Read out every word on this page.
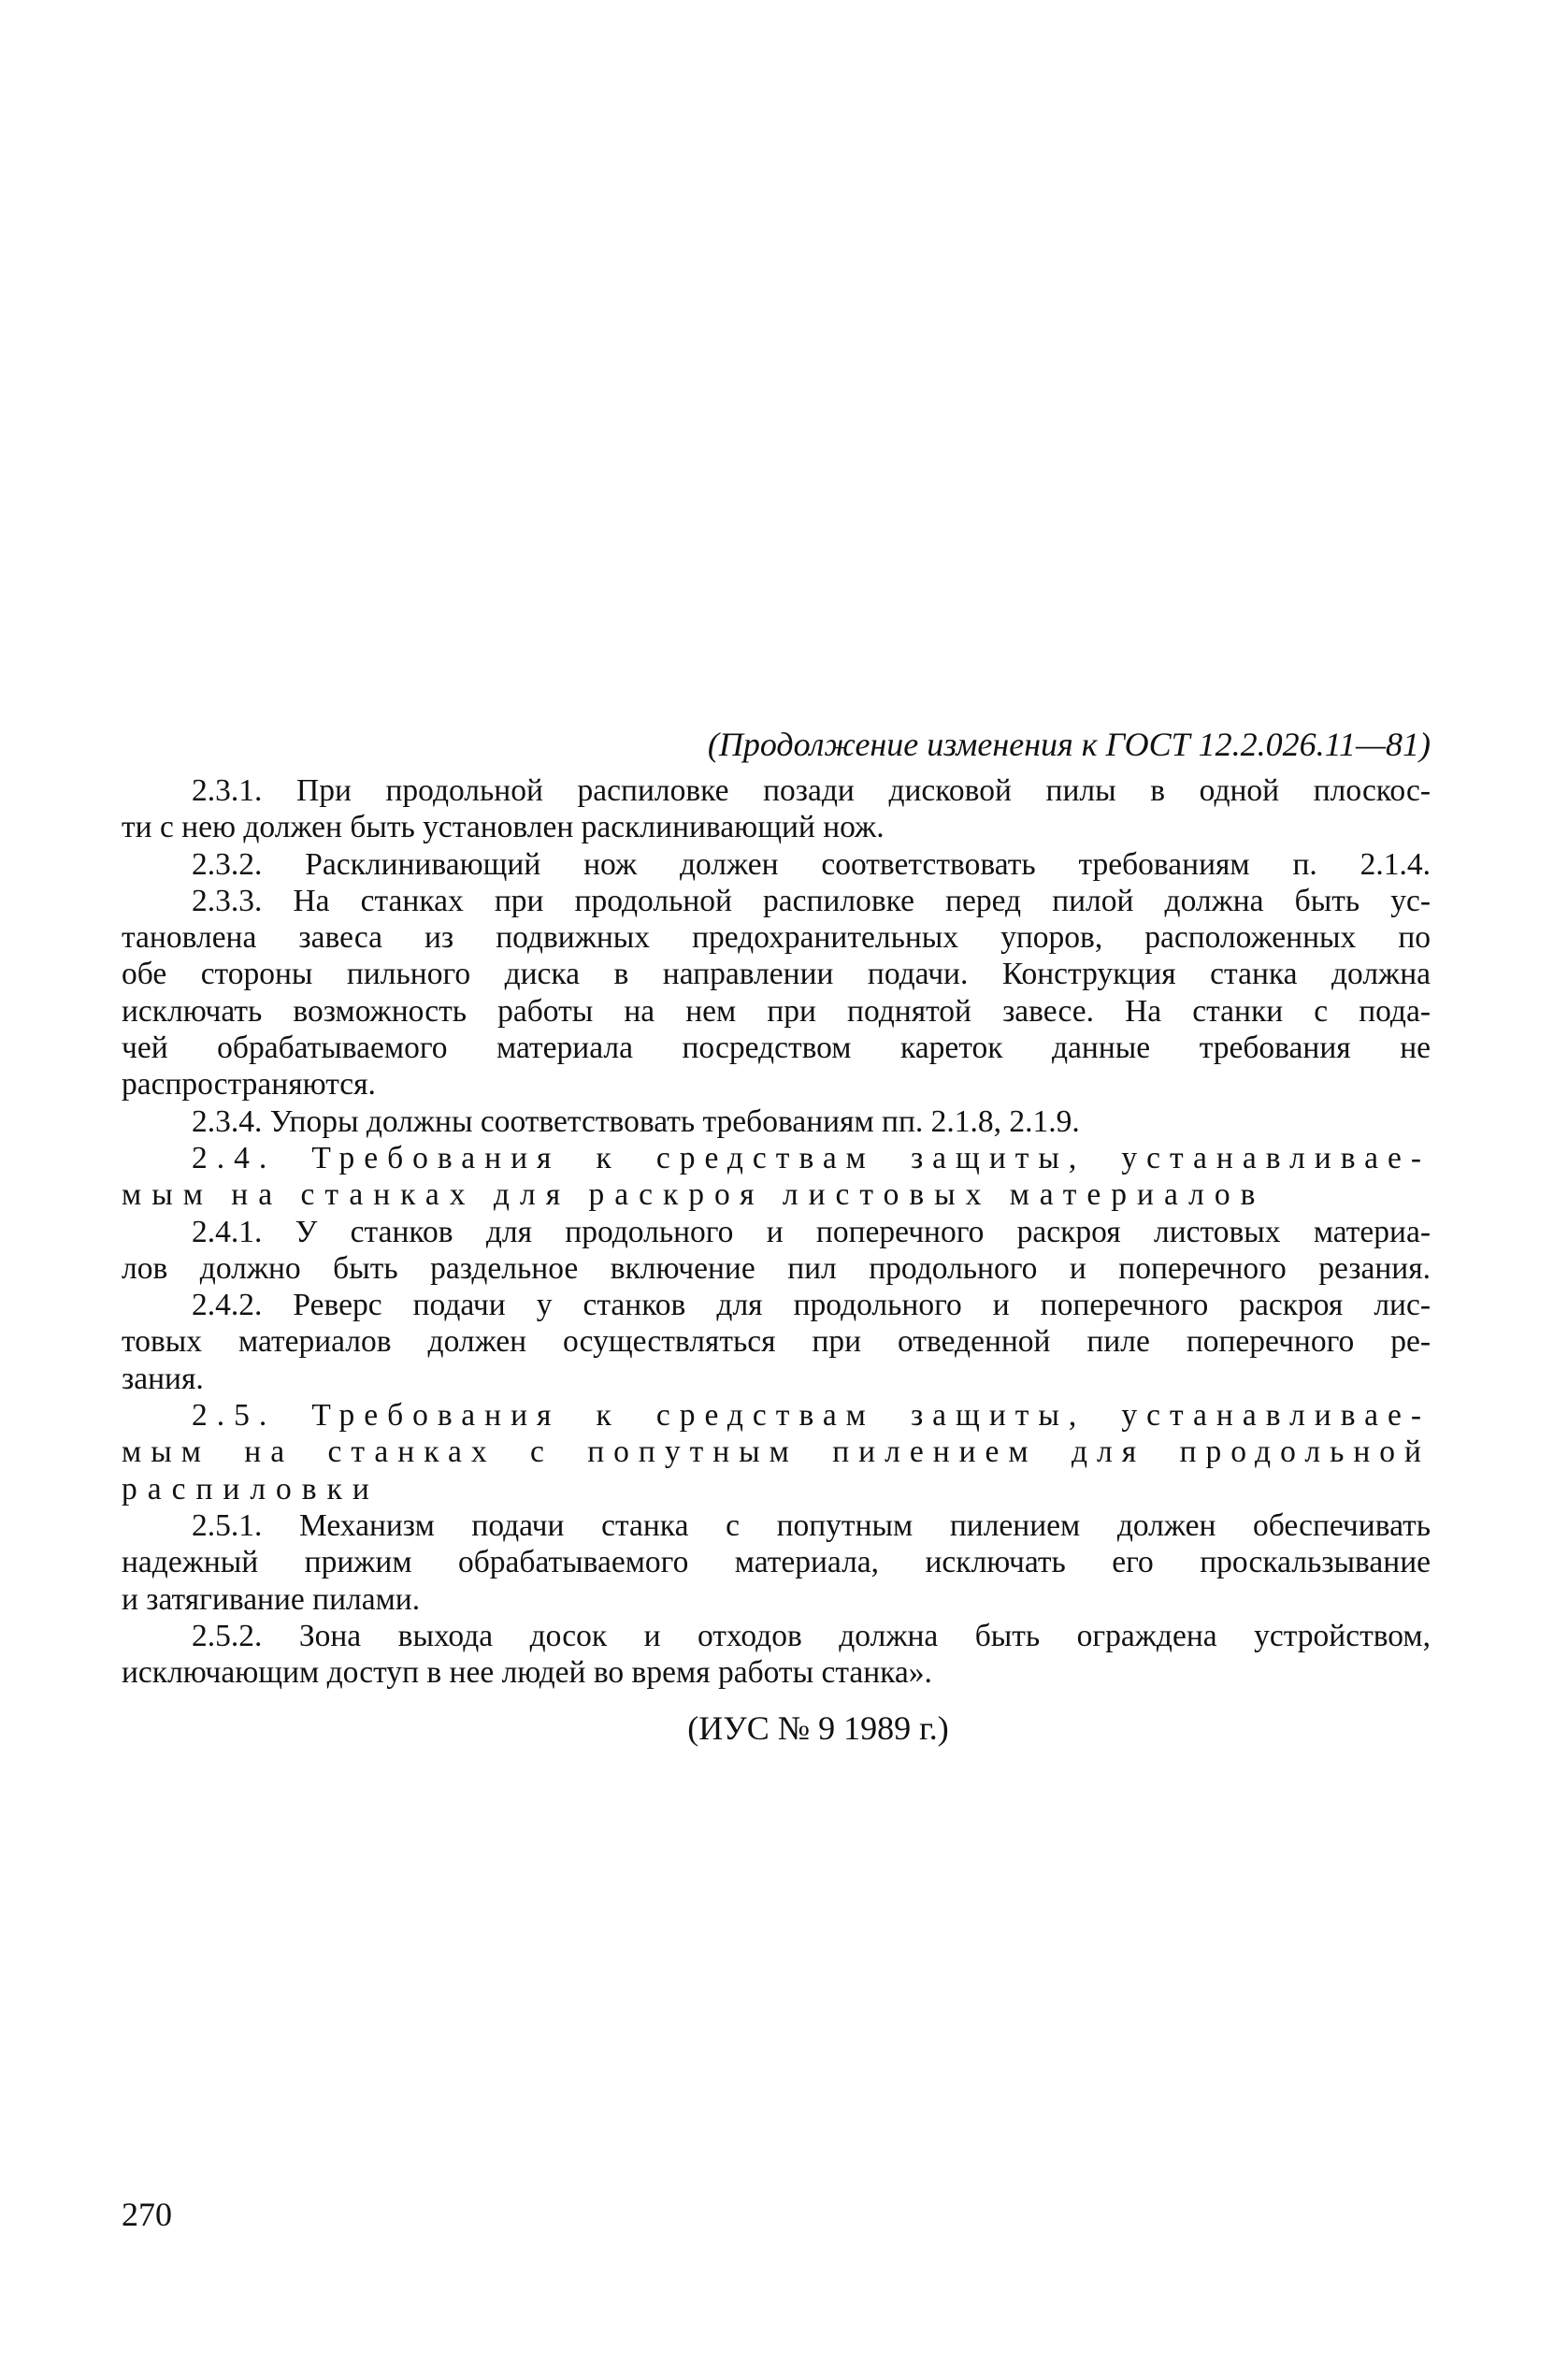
(Продолжение изменения к ГОСТ 12.2.026.11—81)
2.3.1. При продольной распиловке позади дисковой пилы в одной плоскос-
ти с нею должен быть установлен расклинивающий нож.
2.3.2. Расклинивающий нож должен соответствовать требованиям п. 2.1.4.
2.3.3. На станках при продольной распиловке перед пилой должна быть ус-
тановлена завеса из подвижных предохранительных упоров, расположенных по
обе стороны пильного диска в направлении подачи. Конструкция станка должна
исключать возможность работы на нем при поднятой завесе. На станки с пода-
чей обрабатываемого материала посредством кареток данные требования не
распространяются.
2.3.4. Упоры должны соответствовать требованиям пп. 2.1.8, 2.1.9.
2.4. Требования к средствам защиты, устанавливае-
мым на станках для раскроя листовых материалов
2.4.1. У станков для продольного и поперечного раскроя листовых материа-
лов должно быть раздельное включение пил продольного и поперечного резания.
2.4.2. Реверс подачи у станков для продольного и поперечного раскроя лис-
товых материалов должен осуществляться при отведенной пиле поперечного ре-
зания.
2.5. Требования к средствам защиты, устанавливае-
мым на станках с попутным пилением для продольной
распиловки
2.5.1. Механизм подачи станка с попутным пилением должен обеспечивать
надежный прижим обрабатываемого материала, исключать его проскальзывание
и затягивание пилами.
2.5.2. Зона выхода досок и отходов должна быть ограждена устройством,
исключающим доступ в нее людей во время работы станка».
(ИУС № 9 1989 г.)
270
